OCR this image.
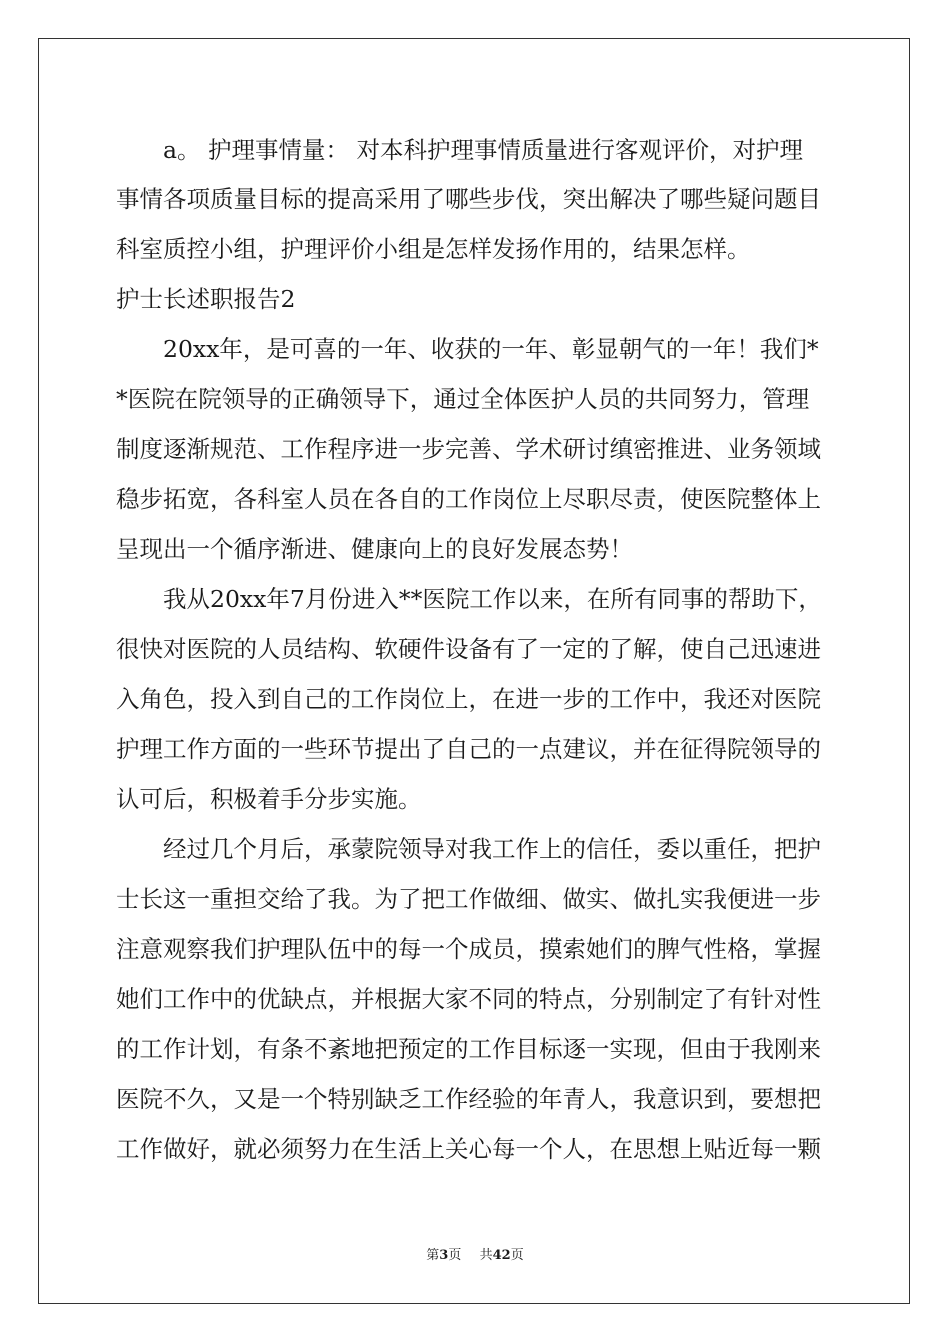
　　a。 护理事情量： 对本科护理事情质量进行客观评价，对护理
事情各项质量目标的提高采用了哪些步伐，突出解决了哪些疑问题目
科室质控小组，护理评价小组是怎样发扬作用的，结果怎样。
护士长述职报告2
　　20xx年，是可喜的一年、收获的一年、彰显朝气的一年！我们*
*医院在院领导的正确领导下，通过全体医护人员的共同努力，管理
制度逐渐规范、工作程序进一步完善、学术研讨缜密推进、业务领域
稳步拓宽，各科室人员在各自的工作岗位上尽职尽责，使医院整体上
呈现出一个循序渐进、健康向上的良好发展态势！
　　我从20xx年7月份进入**医院工作以来，在所有同事的帮助下，
很快对医院的人员结构、软硬件设备有了一定的了解，使自己迅速进
入角色，投入到自己的工作岗位上，在进一步的工作中，我还对医院
护理工作方面的一些环节提出了自己的一点建议，并在征得院领导的
认可后，积极着手分步实施。
　　经过几个月后，承蒙院领导对我工作上的信任，委以重任，把护
士长这一重担交给了我。为了把工作做细、做实、做扎实我便进一步
注意观察我们护理队伍中的每一个成员，摸索她们的脾气性格，掌握
她们工作中的优缺点，并根据大家不同的特点，分别制定了有针对性
的工作计划，有条不紊地把预定的工作目标逐一实现，但由于我刚来
医院不久，又是一个特别缺乏工作经验的年青人，我意识到，要想把
工作做好，就必须努力在生活上关心每一个人，在思想上贴近每一颗
第3页 共42页
